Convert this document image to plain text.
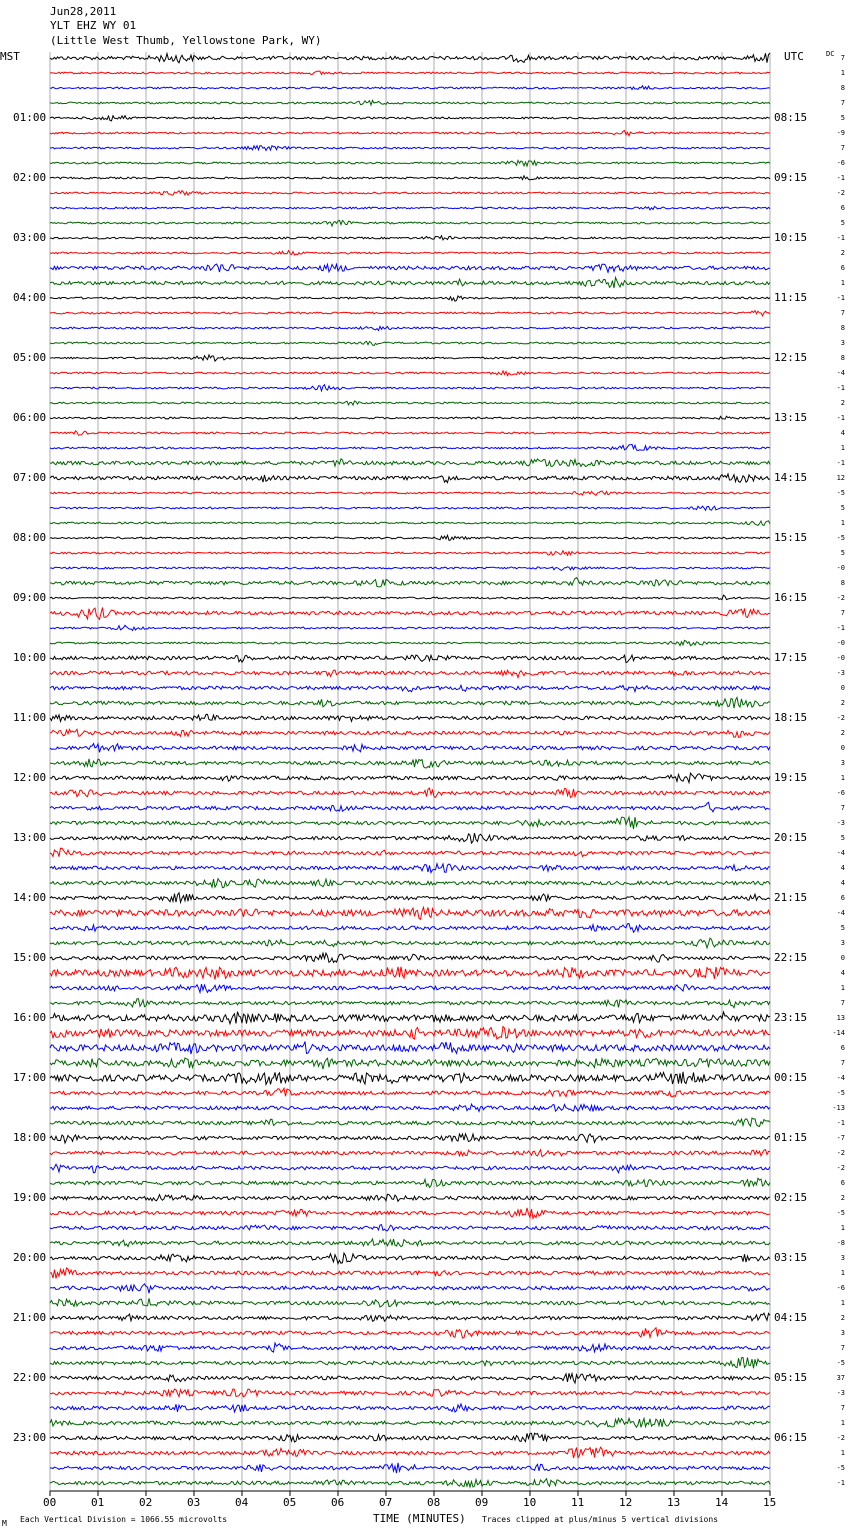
Jun28,2011
YLT EHZ WY 01
(Little West Thumb, Yellowstone Park, WY)
MST	UTC	DC
01:00
02:00
03:00
04:00
05:00
06:00
07:00
08:00
09:00
10:00
11:00
12:00
13:00
14:00
15:00
16:00
17:00
18:00
19:00
20:00
21:00
22:00
23:00
08:15
09:15
10:15
11:15
12:15
13:15
14:15
15:15
16:15
17:15
18:15
19:15
20:15
21:15
22:15
23:15
00:15
01:15
02:15
03:15
04:15
05:15
06:15
7
1
8
7
5
-9
7
-6
-1
-2
6
5
-1
2
6
1
-1
7
8
3
8
-4
-1
2
-1
4
1
-1
12
-5
5
1
-5
5
-0
8
-2
7
-1
-0
-0
-3
0
2
-2
2
0
3
1
-6
7
-3
5
-4
4
4
6
-4
5
3
0
4
1
7
13
-14
6
7
-4
-5
-13
-1
-7
-2
-2
6
2
-5
1
-8
3
1
-6
1
2
3
7
-5
37
-3
7
1
-2
1
-5
-1
00	01	02	03	04	05	06	07	08	09	10	11	12	13	14	15
TIME (MINUTES)
M Each Vertical Division = 1066.55 microvolts	Traces clipped at plus/minus 5 vertical divisions
